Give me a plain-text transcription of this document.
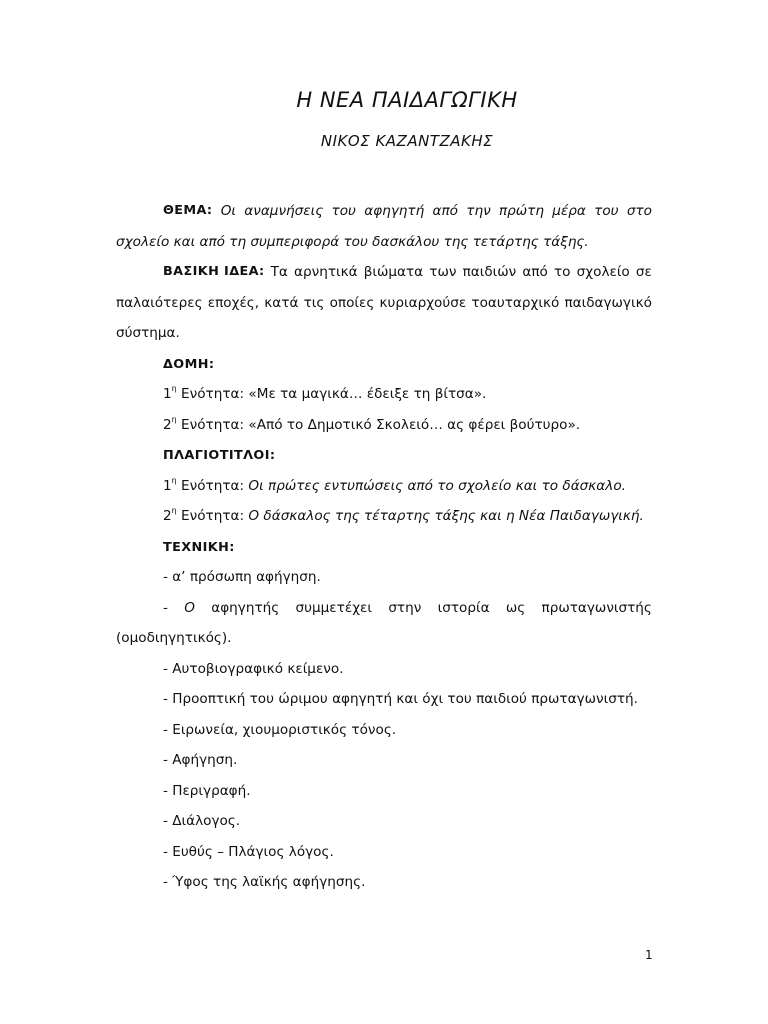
Η ΝΕΑ ΠΑΙΔΑΓΩΓΙΚΗ
ΝΙΚΟΣ ΚΑΖΑΝΤΖΑΚΗΣ
ΘΕΜΑ: Οι αναμνήσεις του αφηγητή από την πρώτη μέρα του στο
σχολείο και από τη συμπεριφορά του δασκάλου της τετάρτης τάξης.
ΒΑΣΙΚΗ ΙΔΕΑ: Τα αρνητικά βιώματα των παιδιών από το σχολείο σε
παλαιότερες εποχές, κατά τις οποίες κυριαρχούσε τοαυταρχικό παιδαγωγικό
σύστημα.
ΔΟΜΗ:
$1^\eta$ Ενότητα: «Με τα μαγικά… έδειξε τη βίτσα».
$2^\eta$ Ενότητα: «Από το Δημοτικό Σκολειό… ας φέρει βούτυρο».
ΠΛΑΓΙΟΤΙΤΛΟΙ:
$1^\eta$ Ενότητα: Οι πρώτες εντυπώσεις από το σχολείο και το δάσκαλο.
$2^\eta$ Ενότητα: Ο δάσκαλος της τέταρτης τάξης και η Νέα Παιδαγωγική.
ΤΕΧΝΙΚΗ:
- α’ πρόσωπη αφήγηση.
- Ο αφηγητής συμμετέχει στην ιστορία ως πρωταγωνιστής
(ομοδιηγητικός).
- Αυτοβιογραφικό κείμενο.
- Προοπτική του ώριμου αφηγητή και όχι του παιδιού πρωταγωνιστή.
- Ειρωνεία, χιουμοριστικός τόνος.
- Αφήγηση.
- Περιγραφή.
- Διάλογος.
- Ευθύς – Πλάγιος λόγος.
- Ύφος της λαϊκής αφήγησης.
1
